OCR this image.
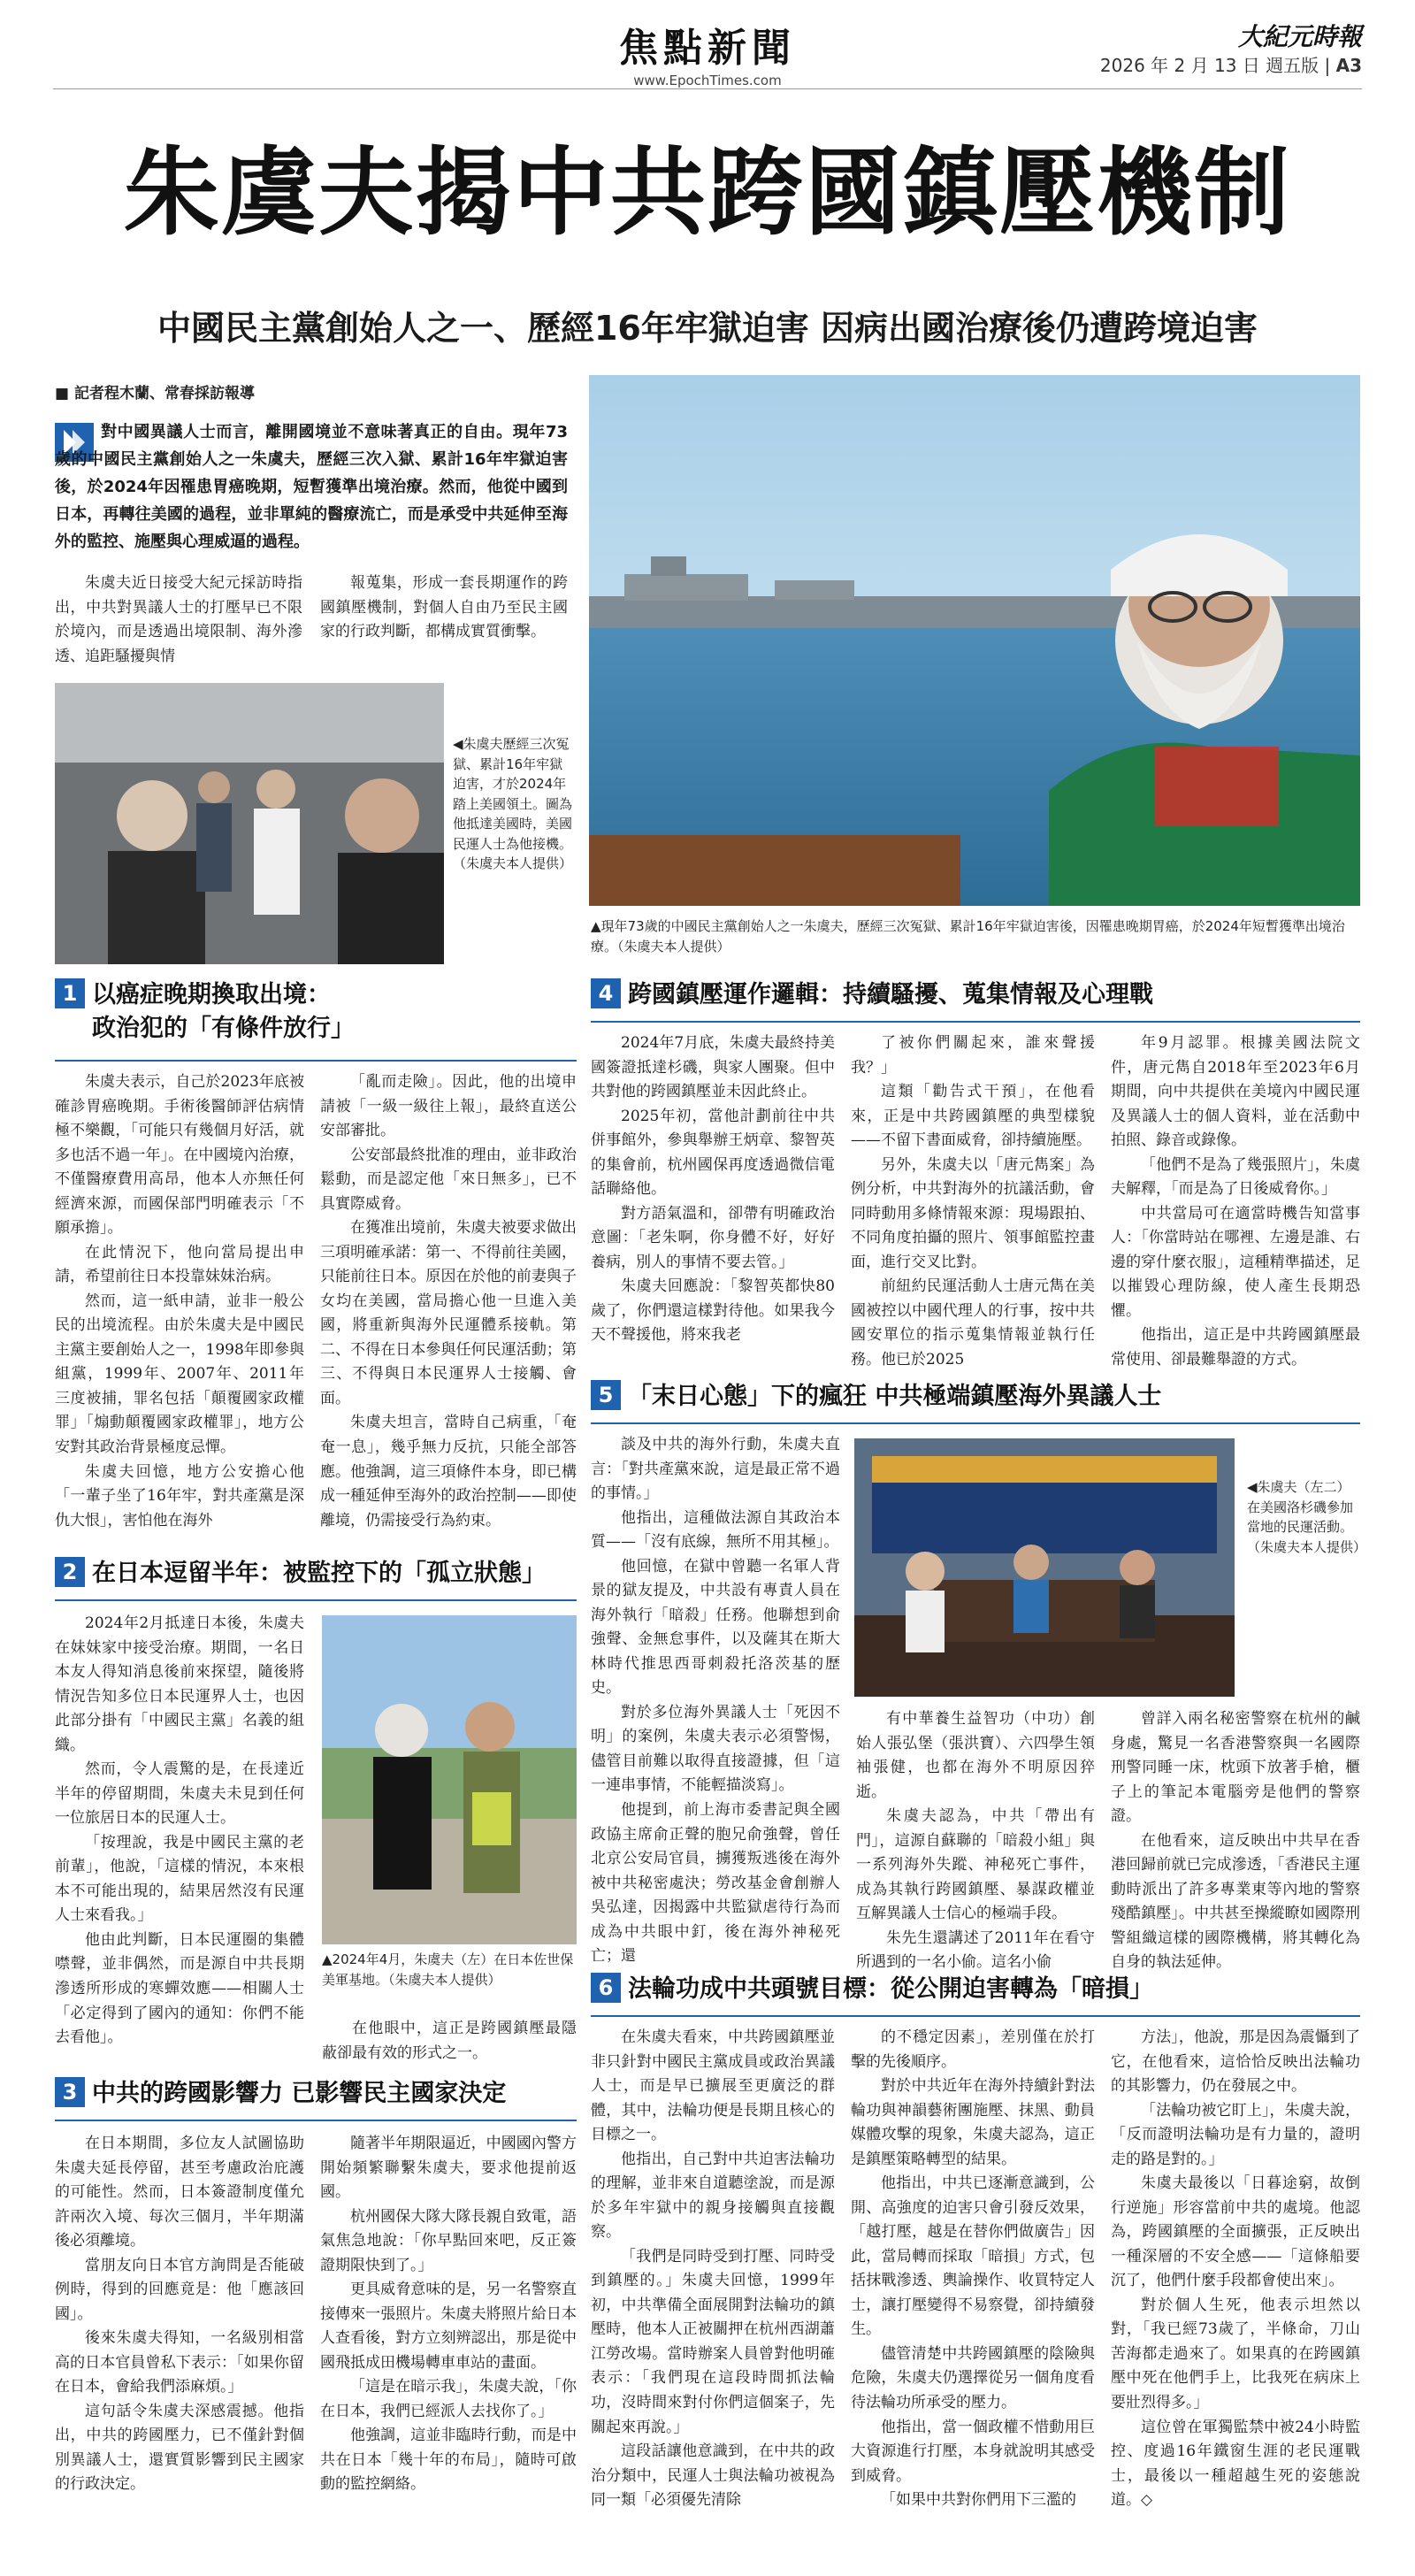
焦點新聞
www.EpochTimes.com
大紀元時報
2026 年 2 月 13 日 週五版 | A3
朱虞夫揭中共跨國鎮壓機制
中國民主黨創始人之一、歷經16年牢獄迫害 因病出國治療後仍遭跨境迫害
■ 記者程木蘭、常春採訪報導
對中國異議人士而言，離開國境並不意味著真正的自由。現年73歲的中國民主黨創始人之一朱虞夫，歷經三次入獄、累計16年牢獄迫害後，於2024年因罹患胃癌晚期，短暫獲準出境治療。然而，他從中國到日本，再轉往美國的過程，並非單純的醫療流亡，而是承受中共延伸至海外的監控、施壓與心理威逼的過程。

朱虞夫近日接受大紀元採訪時指出，中共對異議人士的打壓早已不限於境內，而是透過出境限制、海外滲透、追距騷擾與情

報蒐集，形成一套長期運作的跨國鎮壓機制，對個人自由乃至民主國家的行政判斷，都構成實質衝擊。

◀朱虞夫歷經三次冤獄、累計16年牢獄迫害，才於2024年踏上美國領土。圖為他抵達美國時，美國民運人士為他接機。（朱虞夫本人提供）
▲現年73歲的中國民主黨創始人之一朱虞夫，歷經三次冤獄、累計16年牢獄迫害後，因罹患晚期胃癌，於2024年短暫獲準出境治療。（朱虞夫本人提供）
1 以癌症晚期換取出境：
政治犯的「有條件放行」

朱虞夫表示，自己於2023年底被確診胃癌晚期。手術後醫師評估病情極不樂觀，「可能只有幾個月好活，就多也活不過一年」。在中國境內治療，不僅醫療費用高昂，他本人亦無任何經濟來源，而國保部門明確表示「不願承擔」。

在此情況下，他向當局提出申請，希望前往日本投靠妹妹治病。

然而，這一紙申請，並非一般公民的出境流程。由於朱虞夫是中國民主黨主要創始人之一，1998年即參與組黨，1999年、2007年、2011年三度被捕，罪名包括「顛覆國家政權罪」「煽動顛覆國家政權罪」，地方公安對其政治背景極度忌憚。

朱虞夫回憶，地方公安擔心他「一輩子坐了16年牢，對共產黨是深仇大恨」，害怕他在海外

「亂而走險」。因此，他的出境申請被「一級一級往上報」，最終直送公安部審批。

公安部最終批准的理由，並非政治鬆動，而是認定他「來日無多」，已不具實際威脅。

在獲准出境前，朱虞夫被要求做出三項明確承諾：第一、不得前往美國，只能前往日本。原因在於他的前妻與子女均在美國，當局擔心他一旦進入美國，將重新與海外民運體系接軌。第二、不得在日本參與任何民運活動；第三、不得與日本民運界人士接觸、會面。

朱虞夫坦言，當時自己病重，「奄奄一息」，幾乎無力反抗，只能全部答應。他強調，這三項條件本身，即已構成一種延伸至海外的政治控制——即使離境，仍需接受行為約束。

2 在日本逗留半年：被監控下的「孤立狀態」

2024年2月抵達日本後，朱虞夫在妹妹家中接受治療。期間，一名日本友人得知消息後前來探望，隨後將情況告知多位日本民運界人士，也因此部分掛有「中國民主黨」名義的組織。

然而，令人震驚的是，在長達近半年的停留期間，朱虞夫未見到任何一位旅居日本的民運人士。

「按理說，我是中國民主黨的老前輩」，他說，「這樣的情況，本來根本不可能出現的，結果居然沒有民運人士來看我。」

他由此判斷，日本民運圈的集體噤聲，並非偶然，而是源自中共長期滲透所形成的寒蟬效應——相關人士「必定得到了國內的通知：你們不能去看他」。

▲2024年4月，朱虞夫（左）在日本佐世保美軍基地。（朱虞夫本人提供）

在他眼中，這正是跨國鎮壓最隱蔽卻最有效的形式之一。

3 中共的跨國影響力 已影響民主國家決定

在日本期間，多位友人試圖協助朱虞夫延長停留，甚至考慮政治庇護的可能性。然而，日本簽證制度僅允許兩次入境、每次三個月，半年期滿後必須離境。

當朋友向日本官方詢問是否能破例時，得到的回應竟是：他「應該回國」。

後來朱虞夫得知，一名級別相當高的日本官員曾私下表示：「如果你留在日本，會給我們添麻煩。」

這句話令朱虞夫深感震撼。他指出，中共的跨國壓力，已不僅針對個別異議人士，還實質影響到民主國家的行政決定。

隨著半年期限逼近，中國國內警方開始頻繁聯繫朱虞夫，要求他提前返國。

杭州國保大隊大隊長親自致電，語氣焦急地說：「你早點回來吧，反正簽證期限快到了。」

更具威脅意味的是，另一名警察直接傳來一張照片。朱虞夫將照片給日本人查看後，對方立刻辨認出，那是從中國飛抵成田機場轉車車站的畫面。

「這是在暗示我」，朱虞夫說，「你在日本，我們已經派人去找你了。」

他強調，這並非臨時行動，而是中共在日本「幾十年的布局」，隨時可啟動的監控網絡。

4 跨國鎮壓運作邏輯：持續騷擾、蒐集情報及心理戰

2024年7月底，朱虞夫最終持美國簽證抵達杉磯，與家人團聚。但中共對他的跨國鎮壓並未因此終止。

2025年初，當他計劃前往中共併事館外，參與舉辦王炳章、黎智英的集會前，杭州國保再度透過微信電話聯絡他。

對方語氣溫和，卻帶有明確政治意圖：「老朱啊，你身體不好，好好養病，別人的事情不要去管。」

朱虞夫回應說：「黎智英都快80歲了，你們還這樣對待他。如果我今天不聲援他，將來我老

了被你們關起來，誰來聲援我？」

這類「勸告式干預」，在他看來，正是中共跨國鎮壓的典型樣貌——不留下書面威脅，卻持續施壓。

另外，朱虞夫以「唐元雋案」為例分析，中共對海外的抗議活動，會同時動用多條情報來源：現場跟拍、不同角度拍攝的照片、領事館監控畫面，進行交叉比對。

前紐約民運活動人士唐元雋在美國被控以中國代理人的行事，按中共國安單位的指示蒐集情報並執行任務。他已於2025

年9月認罪。根據美國法院文件，唐元雋自2018年至2023年6月期間，向中共提供在美境內中國民運及異議人士的個人資料，並在活動中拍照、錄音或錄像。

「他們不是為了幾張照片」，朱虞夫解釋，「而是為了日後威脅你。」

中共當局可在適當時機告知當事人：「你當時站在哪裡、左邊是誰、右邊的穿什麼衣服」，這種精準描述，足以摧毀心理防線，使人產生長期恐懼。

他指出，這正是中共跨國鎮壓最常使用、卻最難舉證的方式。

5 「末日心態」下的瘋狂 中共極端鎮壓海外異議人士

談及中共的海外行動，朱虞夫直言：「對共產黨來說，這是最正常不過的事情。」

他指出，這種做法源自其政治本質——「沒有底線，無所不用其極」。

他回憶，在獄中曾聽一名軍人背景的獄友提及，中共設有專責人員在海外執行「暗殺」任務。他聯想到俞強聲、金無怠事件，以及薩其在斯大林時代推思西哥刺殺托洛茨基的歷史。

對於多位海外異議人士「死因不明」的案例，朱虞夫表示必須警惕，儘管目前難以取得直接證據，但「這一連串事情，不能輕描淡寫」。

他提到，前上海市委書記與全國政協主席俞正聲的胞兄俞強聲，曾任北京公安局官員，擄獲叛逃後在海外被中共秘密處決；勞改基金會創辦人吳弘達，因揭露中共監獄虐待行為而成為中共眼中釘，後在海外神秘死亡；還

◀朱虞夫（左二）在美國洛杉磯參加當地的民運活動。（朱虞夫本人提供）

有中華養生益智功（中功）創始人張弘堡（張洪寶）、六四學生領袖張健，也都在海外不明原因猝逝。

朱虞夫認為，中共「帶出有門」，這源自蘇聯的「暗殺小組」與一系列海外失蹤、神秘死亡事件，成為其執行跨國鎮壓、暴謀政權並互解異議人士信心的極端手段。

朱先生還講述了2011年在看守所遇到的一名小偷。這名小偷

曾詳入兩名秘密警察在杭州的鹹身處，驚見一名香港警察與一名國際刑警同睡一床，枕頭下放著手槍，櫃子上的筆記本電腦旁是他們的警察證。

在他看來，這反映出中共早在香港回歸前就已完成滲透，「香港民主運動時派出了許多專業東等內地的警察殘酷鎮壓」。中共甚至操縱瞭如國際刑警組織這樣的國際機構，將其轉化為自身的執法延伸。

6 法輪功成中共頭號目標：從公開迫害轉為「暗損」

在朱虞夫看來，中共跨國鎮壓並非只針對中國民主黨成員或政治異議人士，而是早已擴展至更廣泛的群體，其中，法輪功便是長期且核心的目標之一。

他指出，自己對中共迫害法輪功的理解，並非來自道聽塗說，而是源於多年牢獄中的親身接觸與直接觀察。

「我們是同時受到打壓、同時受到鎮壓的。」朱虞夫回憶，1999年初，中共準備全面展開對法輪功的鎮壓時，他本人正被關押在杭州西湖蕭江勞改場。當時辦案人員曾對他明確表示：「我們現在這段時間抓法輪功，沒時間來對付你們這個案子，先關起來再說。」

這段話讓他意識到，在中共的政治分類中，民運人士與法輪功被視為同一類「必須優先清除

的不穩定因素」，差別僅在於打擊的先後順序。

對於中共近年在海外持續針對法輪功與神韻藝術團施壓、抹黑、動員媒體攻擊的現象，朱虞夫認為，這正是鎮壓策略轉型的結果。

他指出，中共已逐漸意識到，公開、高強度的迫害只會引發反效果，「越打壓，越是在替你們做廣告」因此，當局轉而採取「暗損」方式，包括抹戰滲透、輿論操作、收買特定人士，讓打壓變得不易察覺，卻持續發生。

儘管清楚中共跨國鎮壓的陰險與危險，朱虞夫仍選擇從另一個角度看待法輪功所承受的壓力。

他指出，當一個政權不惜動用巨大資源進行打壓，本身就說明其感受到威脅。

「如果中共對你們用下三濫的

方法」，他說，那是因為震懾到了它，在他看來，這恰恰反映出法輪功的其影響力，仍在發展之中。

「法輪功被它盯上」，朱虞夫說，「反而證明法輪功是有力量的，證明走的路是對的。」

朱虞夫最後以「日暮途窮，故倒行逆施」形容當前中共的處境。他認為，跨國鎮壓的全面擴張，正反映出一種深層的不安全感——「這條船要沉了，他們什麼手段都會使出來」。

對於個人生死，他表示坦然以對，「我已經73歲了，半條命，刀山苦海都走過來了。如果真的在跨國鎮壓中死在他們手上，比我死在病床上要壯烈得多。」

這位曾在軍獨監禁中被24小時監控、度過16年鐵窗生涯的老民運戰士，最後以一種超越生死的姿態說道。◇
